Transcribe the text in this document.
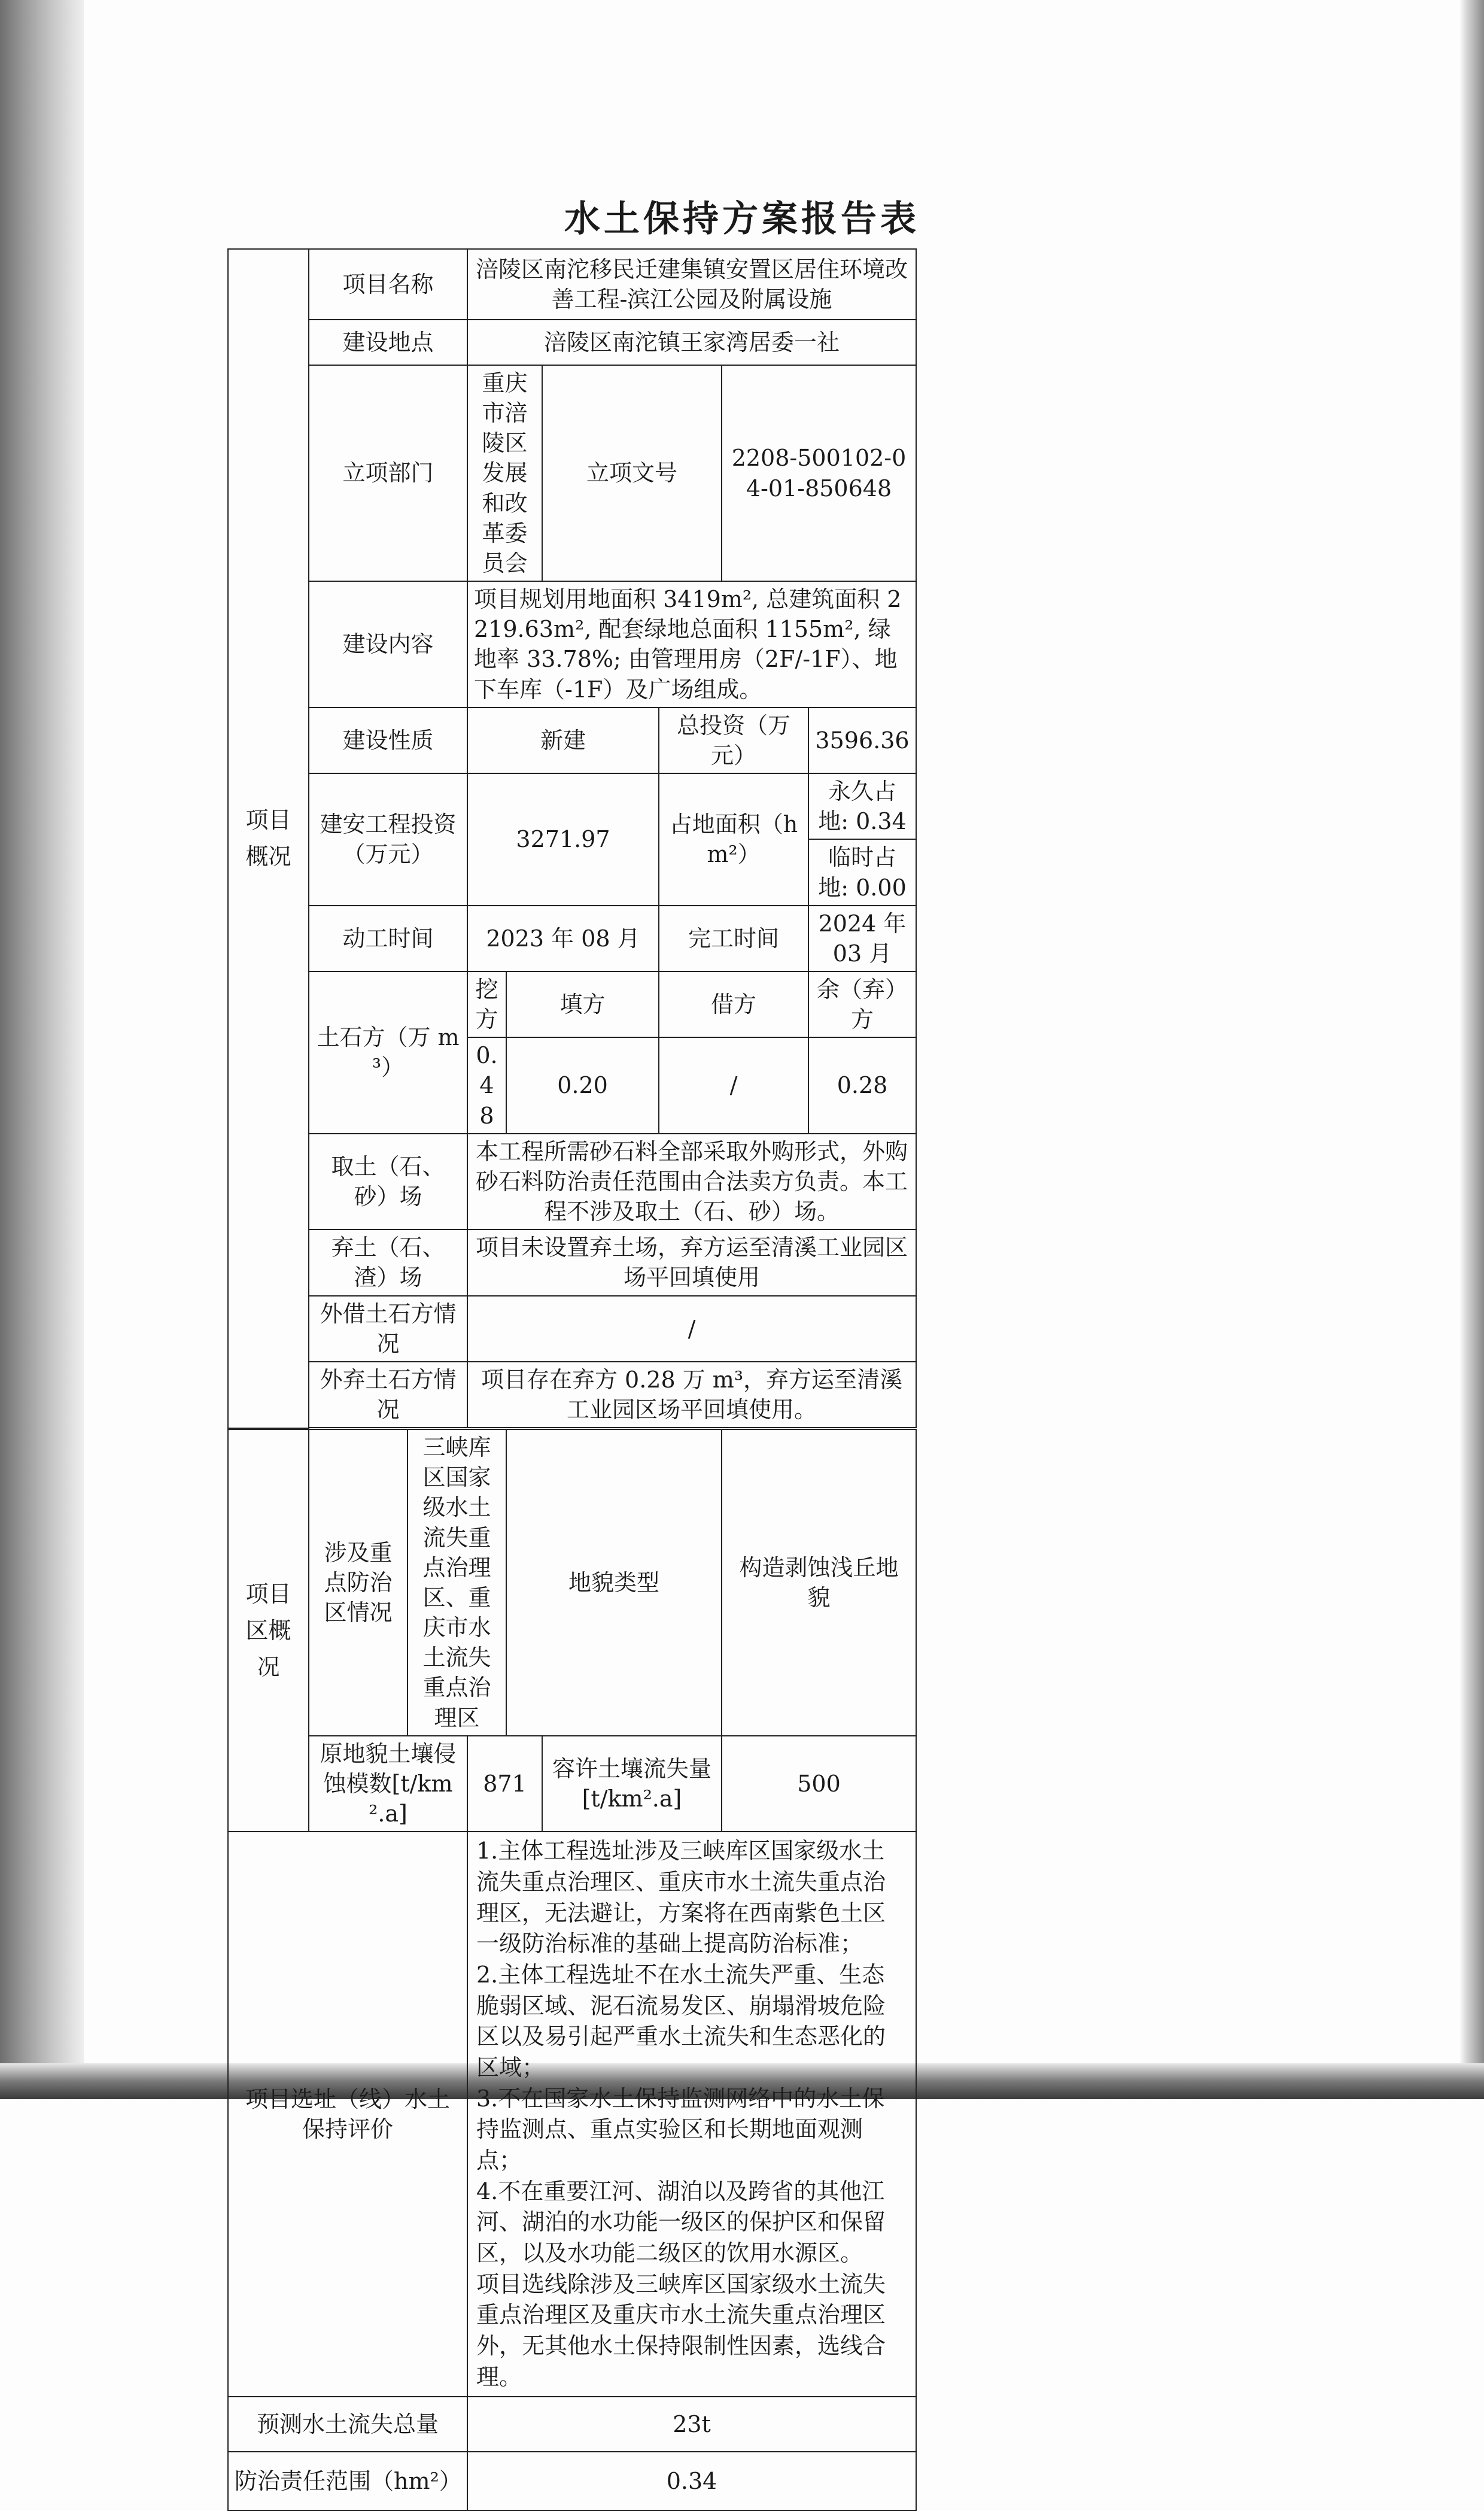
水土保持方案报告表
项目概况	项目名称		涪陵区南沱移民迁建集镇安置区居住环境改善工程-滨江公园及附属设施					
	建设地点		涪陵区南沱镇王家湾居委一社					
	立项部门		重庆市涪陵区发展和改革委员会		立项文号		2208-500102-04-01-850648	
	建设内容		项目规划用地面积 3419m², 总建筑面积 2219.63m², 配套绿地总面积 1155m², 绿地率 33.78%; 由管理用房（2F/-1F）、地下车库（-1F）及广场组成。					
	建设性质		新建			总投资（万元）		3596.36
	建安工程投资（万元）		3271.97			占地面积（hm²）		永久占地: 0.34
								临时占地: 0.00
	动工时间		2023 年 08 月			完工时间		2024 年 03 月
	土石方（万 m³）		挖方	填方		借方		余（弃）方
			0.48	0.20		/		0.28
	取土（石、砂）场		本工程所需砂石料全部采取外购形式，外购砂石料防治责任范围由合法卖方负责。本工程不涉及取土（石、砂）场。					
	弃土（石、渣）场		项目未设置弃土场，弃方运至清溪工业园区场平回填使用					
	外借土石方情况		/					
	外弃土石方情况		项目存在弃方 0.28 万 m³，弃方运至清溪工业园区场平回填使用。					

项目区概况	涉及重点防治区情况	三峡库区国家级水土流失重点治理区、重庆市水土流失重点治理区		地貌类型			构造剥蚀浅丘地貌	
	原地貌土壤侵蚀模数[t/km².a]		871		容许土壤流失量[t/km².a]		500	
项目选址（线）水土保持评价			1.主体工程选址涉及三峡库区国家级水土流失重点治理区、重庆市水土流失重点治理区，无法避让，方案将在西南紫色土区一级防治标准的基础上提高防治标准；

2.主体工程选址不在水土流失严重、生态脆弱区域、泥石流易发区、崩塌滑坡危险区以及易引起严重水土流失和生态恶化的区域；

3.不在国家水土保持监测网络中的水土保持监测点、重点实验区和长期地面观测点；

4.不在重要江河、湖泊以及跨省的其他江河、湖泊的水功能一级区的保护区和保留区，以及水功能二级区的饮用水源区。

项目选线除涉及三峡库区国家级水土流失重点治理区及重庆市水土流失重点治理区外，无其他水土保持限制性因素，选线合理。					

预测水土流失总量			23t					
防治责任范围（hm²）			0.34					
